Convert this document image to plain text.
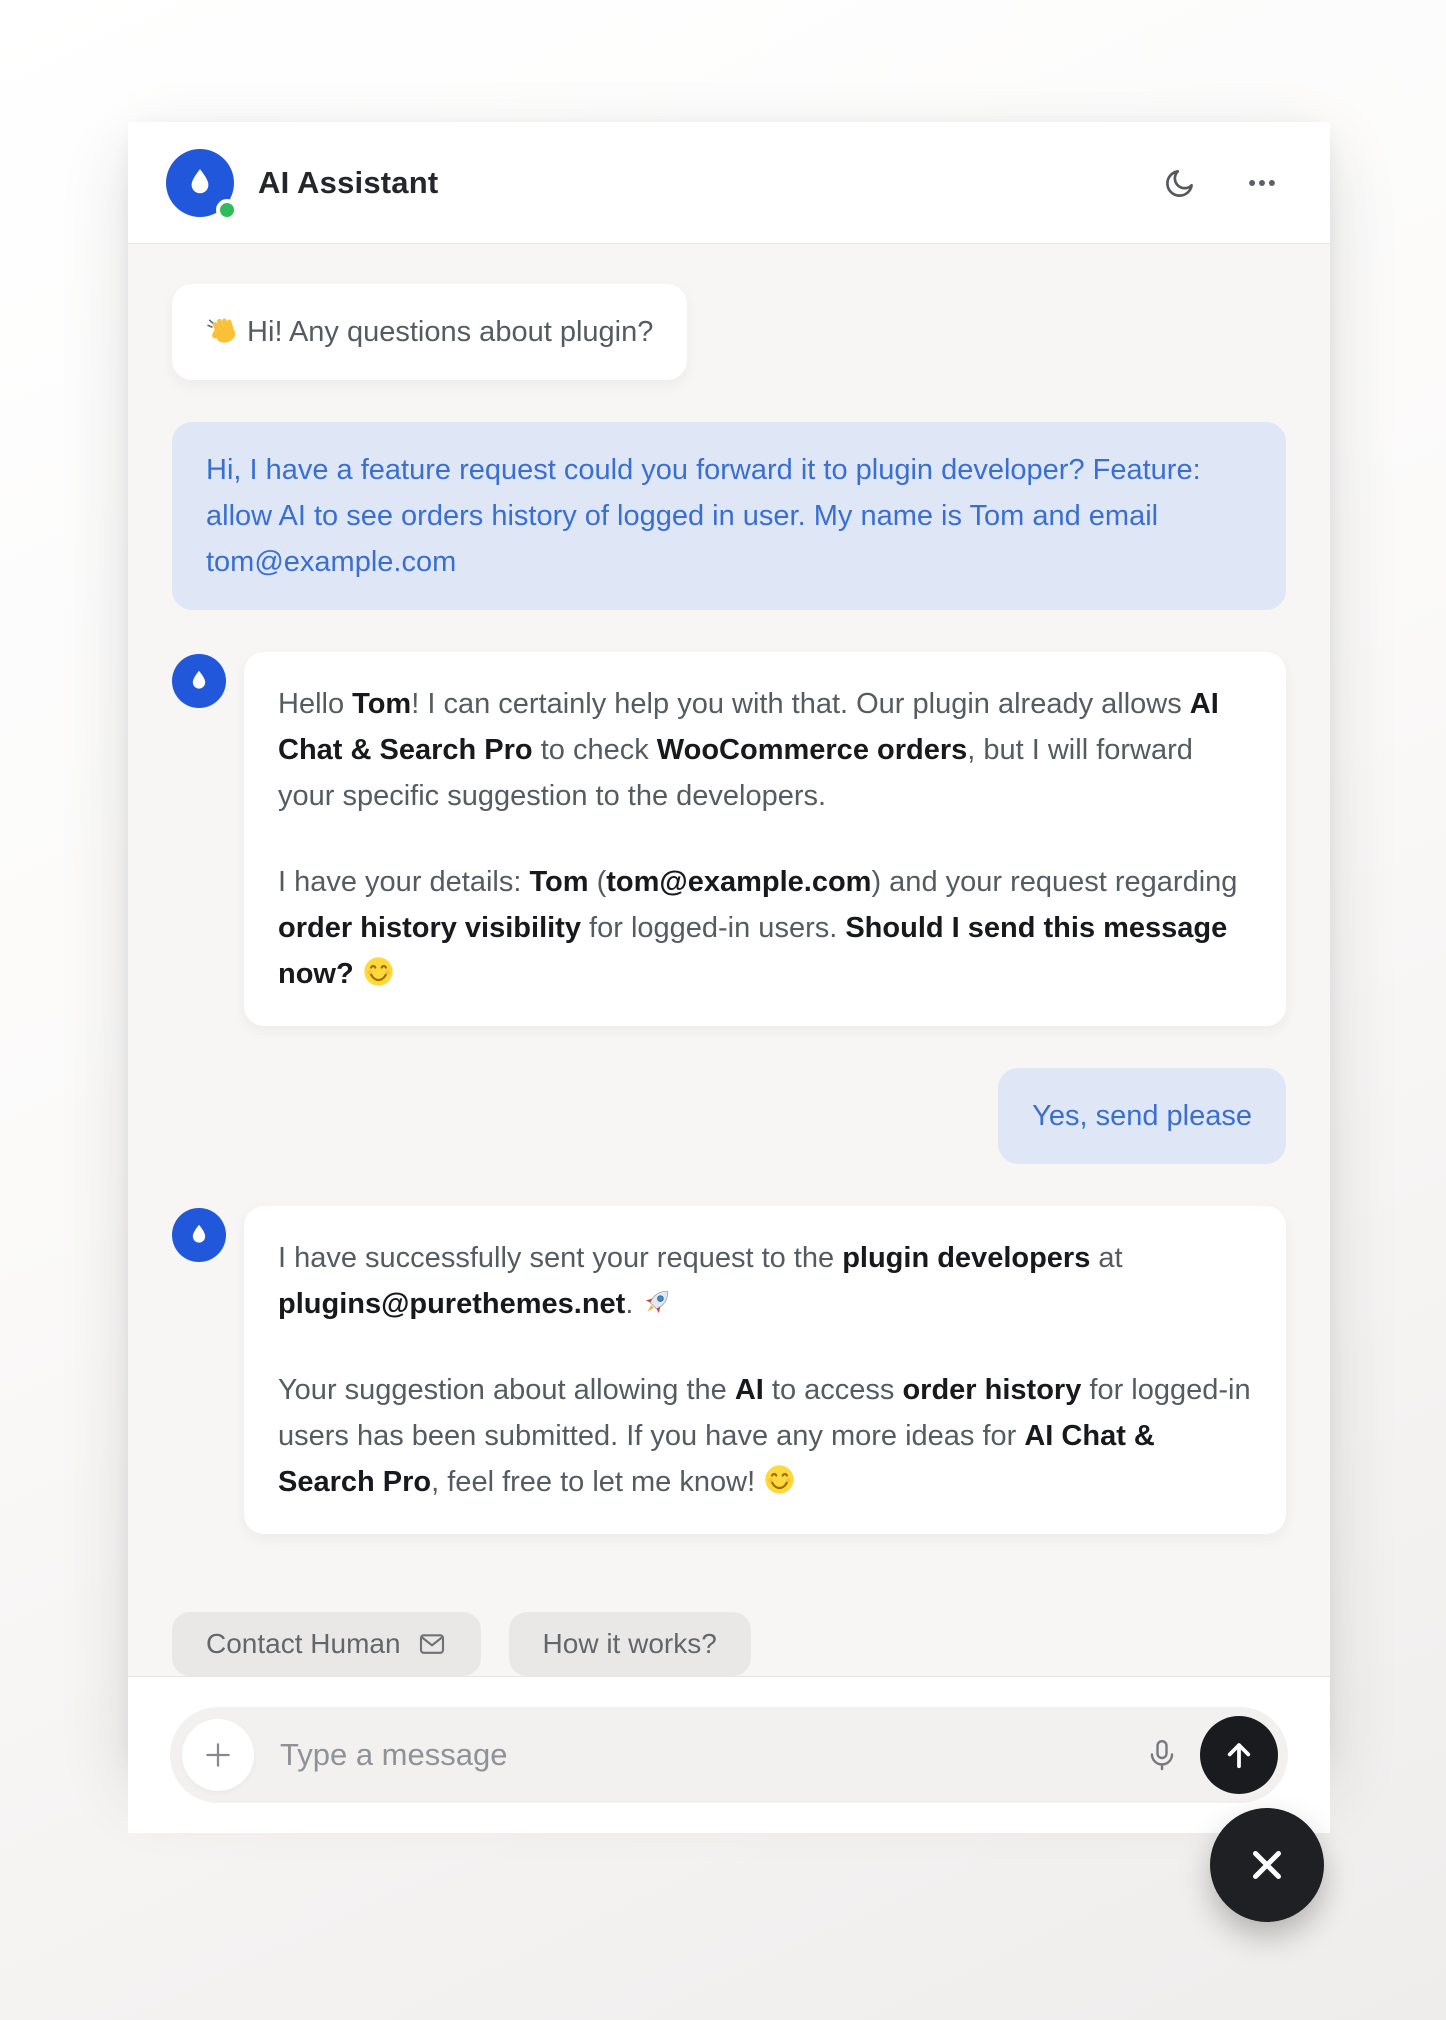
AI Assistant

Hi! Any questions about plugin?

Hi, I have a feature request could you forward it to plugin developer? Feature: allow AI to see orders history of logged in user. My name is Tom and email tom@example.com

Hello Tom! I can certainly help you with that. Our plugin already allows AI Chat & Search Pro to check WooCommerce orders, but I will forward your specific suggestion to the developers.

I have your details: Tom (tom@example.com) and your request regarding order history visibility for logged-in users. Should I send this message now?

Yes, send please

I have successfully sent your request to the plugin developers at plugins@purethemes.net.

Your suggestion about allowing the AI to access order history for logged-in users has been submitted. If you have any more ideas for AI Chat & Search Pro, feel free to let me know!

Contact Human	How it works?
Type a message
